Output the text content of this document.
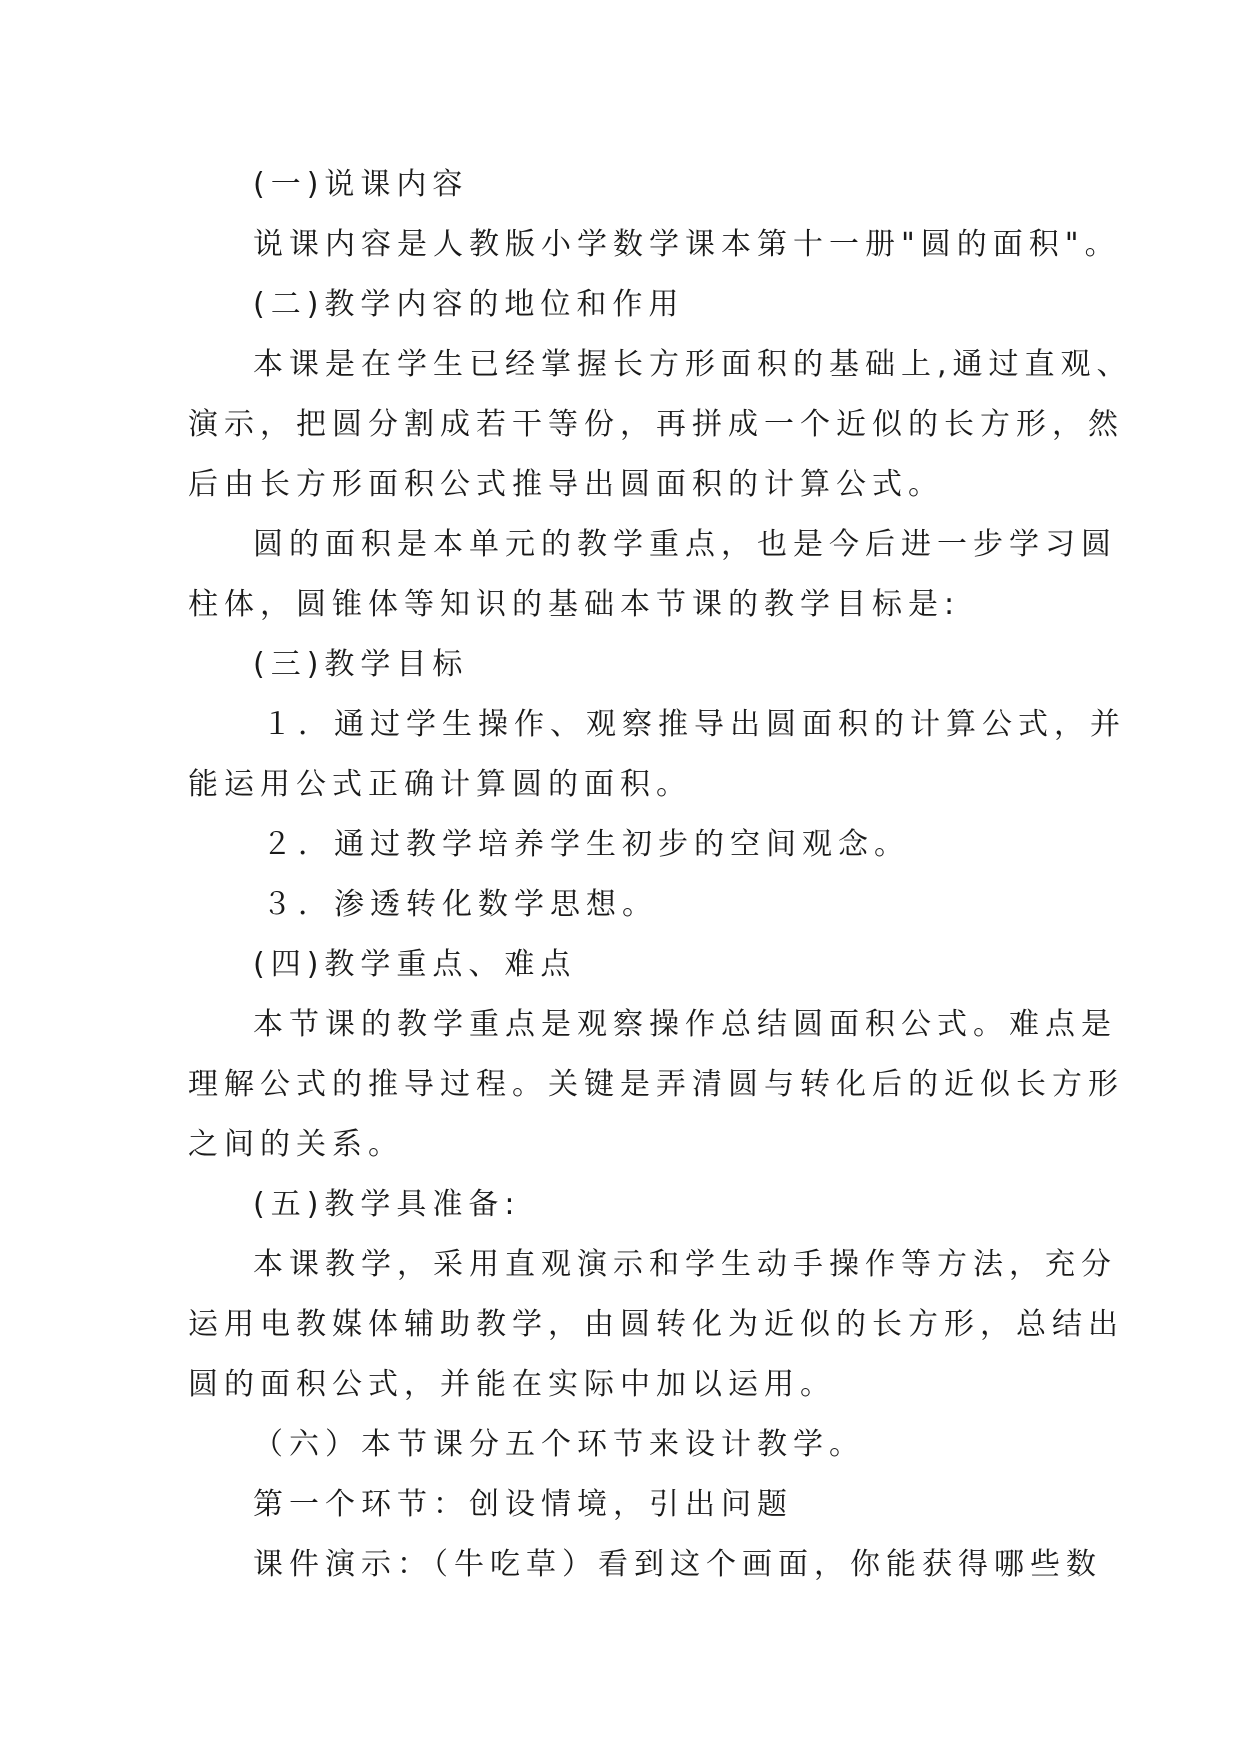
(一)说课内容
说课内容是人教版小学数学课本第十一册"圆的面积"。
(二)教学内容的地位和作用
本课是在学生已经掌握长方形面积的基础上,通过直观、
演示，把圆分割成若干等份，再拼成一个近似的长方形，然
后由长方形面积公式推导出圆面积的计算公式。
圆的面积是本单元的教学重点，也是今后进一步学习圆
柱体，圆锥体等知识的基础本节课的教学目标是:
(三)教学目标
１．通过学生操作、观察推导出圆面积的计算公式，并
能运用公式正确计算圆的面积。
２．通过教学培养学生初步的空间观念。
３．渗透转化数学思想。
(四)教学重点、难点
本节课的教学重点是观察操作总结圆面积公式。难点是
理解公式的推导过程。关键是弄清圆与转化后的近似长方形
之间的关系。
(五)教学具准备:
本课教学，采用直观演示和学生动手操作等方法，充分
运用电教媒体辅助教学，由圆转化为近似的长方形，总结出
圆的面积公式，并能在实际中加以运用。
（六）本节课分五个环节来设计教学。
第一个环节：创设情境，引出问题
课件演示：（牛吃草）看到这个画面，你能获得哪些数
